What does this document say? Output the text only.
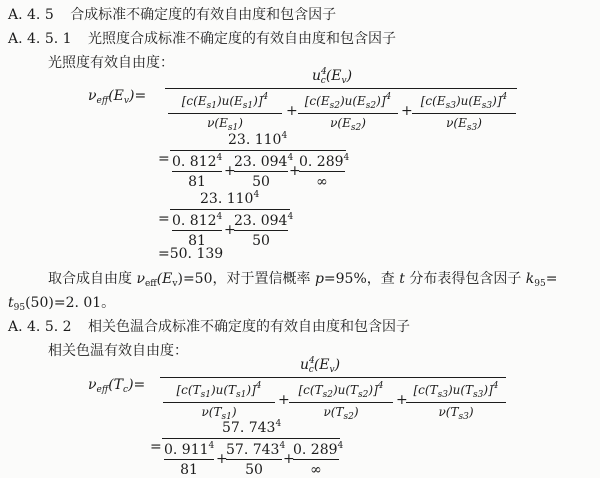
A. 4. 5 合成标准不确定度的有效自由度和包含因子
A. 4. 5. 1 光照度合成标准不确定度的有效自由度和包含因子
光照度有效自由度：
$\nu_{eff}(E_v)=$
$u^4_c(E_v)$
$[c(E_{s1})u(E_{s1})]^4$
$\nu(E_{s1})$
+
$[c(E_{s2})u(E_{s2})]^4$
$\nu(E_{s2})$
+
$[c(E_{s3})u(E_{s3})]^4$
$\nu(E_{s3})$
=
23. $110^4$
0. $812^4$
81
+
23. $094^4$
50
+
0. $289^4$
∞
=
23. $110^4$
0. $812^4$
81
+
23. $094^4$
50
=50. 139
取合成自由度 $\nu_{eff}(E_v)=50$，对于置信概率 p=95%，查 t 分布表得包含因子 $k_{95}=$
$t_{95}(50)=2$. 01。
A. 4. 5. 2 相关色温合成标准不确定度的有效自由度和包含因子
相关色温有效自由度：
$\nu_{eff}(T_c)=$
$u^4_c(E_v)$
$[c(T_{s1})u(T_{s1})]^4$
$\nu(T_{s1})$
+
$[c(T_{s2})u(T_{s2})]^4$
$\nu(T_{s2})$
+
$[c(T_{s3})u(T_{s3})]^4$
$\nu(T_{s3})$
=
57. $743^4$
0. $911^4$
81
+
57. $743^4$
50
+
0. $289^4$
∞
